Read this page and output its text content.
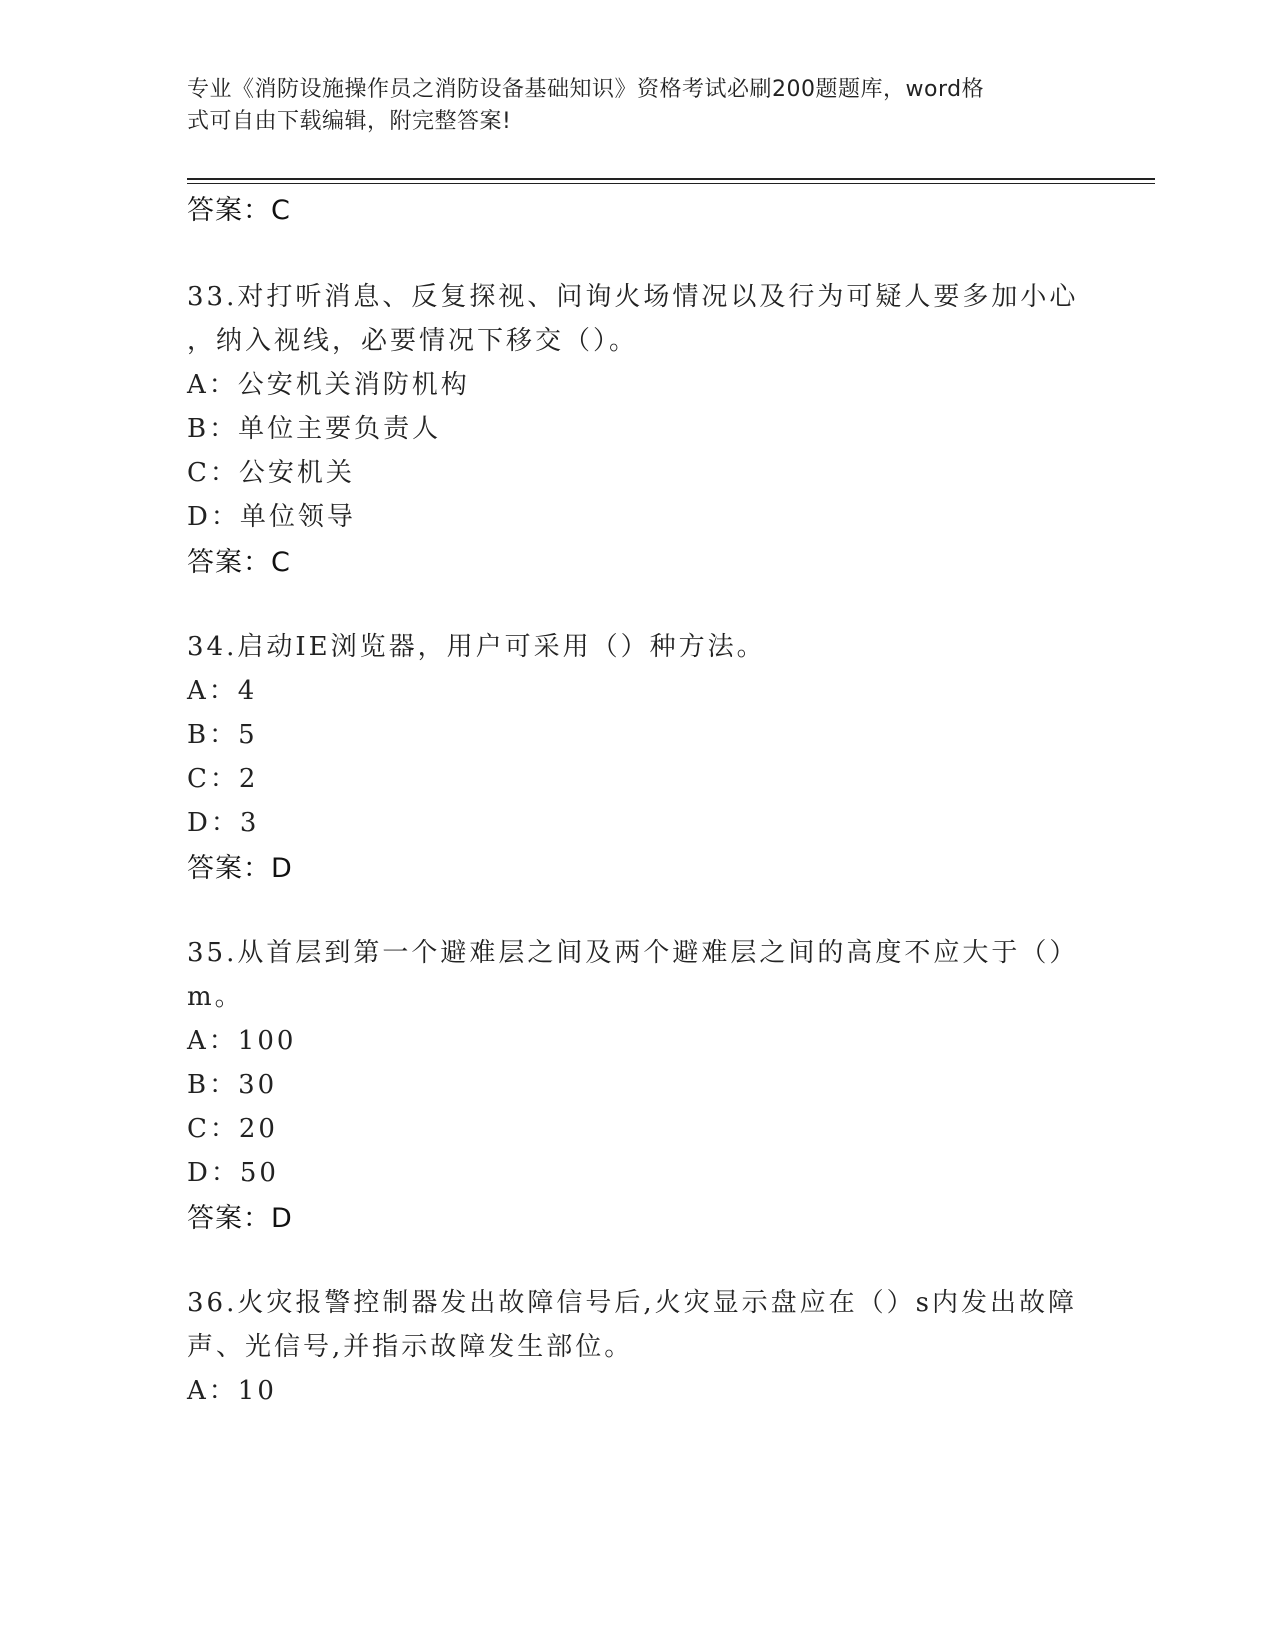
专业《消防设施操作员之消防设备基础知识》资格考试必刷200题题库，word格
式可自由下载编辑，附完整答案!
答案：C
33.对打听消息、反复探视、问询火场情况以及行为可疑人要多加小心
，纳入视线，必要情况下移交（）。
A：公安机关消防机构
B：单位主要负责人
C：公安机关
D：单位领导
答案：C
34.启动IE浏览器，用户可采用（）种方法。
A：4
B：5
C：2
D：3
答案：D
35.从首层到第一个避难层之间及两个避难层之间的高度不应大于（）
m。
A：100
B：30
C：20
D：50
答案：D
36.火灾报警控制器发出故障信号后,火灾显示盘应在（）s内发出故障
声、光信号,并指示故障发生部位。
A：10
